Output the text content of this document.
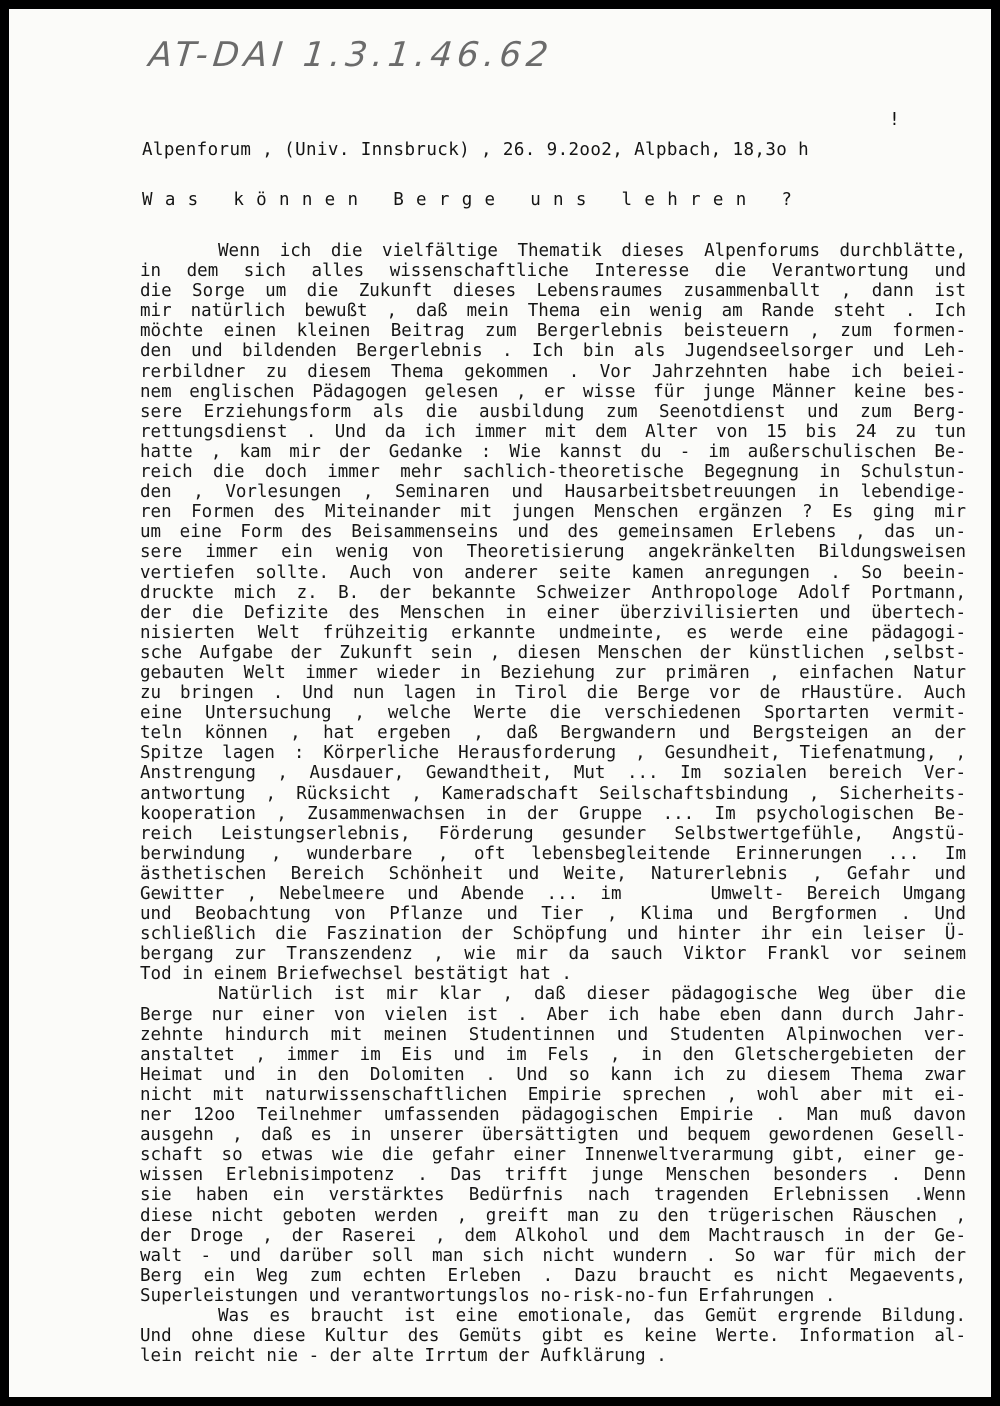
AT-DAI 1.3.1.46.62
!
Alpenforum , (Univ. Innsbruck) , 26. 9.2oo2, Alpbach, 18,3o h
Was können Berge uns lehren ?
Wenn ich die vielfältige Thematik dieses Alpenforums durchblätte,
in dem sich alles wissenschaftliche Interesse die Verantwortung und
die Sorge um die Zukunft dieses Lebensraumes zusammenballt , dann ist
mir natürlich bewußt , daß mein Thema ein wenig am Rande steht . Ich
möchte einen kleinen Beitrag zum Bergerlebnis beisteuern , zum formen-
den und bildenden Bergerlebnis . Ich bin als Jugendseelsorger und Leh-
rerbildner zu diesem Thema gekommen . Vor Jahrzehnten habe ich beiei-
nem englischen Pädagogen gelesen , er wisse für junge Männer keine bes-
sere Erziehungsform als die ausbildung zum Seenotdienst und zum Berg-
rettungsdienst . Und da ich immer mit dem Alter von 15 bis 24 zu tun
hatte , kam mir der Gedanke : Wie kannst du - im außerschulischen Be-
reich die doch immer mehr sachlich-theoretische Begegnung in Schulstun-
den , Vorlesungen , Seminaren und Hausarbeitsbetreuungen in lebendige-
ren Formen des Miteinander mit jungen Menschen ergänzen ? Es ging mir
um eine Form des Beisammenseins und des gemeinsamen Erlebens , das un-
sere immer ein wenig von Theoretisierung angekränkelten Bildungsweisen
vertiefen sollte. Auch von anderer seite kamen anregungen . So beein-
druckte mich z. B. der bekannte Schweizer Anthropologe Adolf Portmann,
der die Defizite des Menschen in einer überzivilisierten und übertech-
nisierten Welt frühzeitig erkannte undmeinte, es werde eine pädagogi-
sche Aufgabe der Zukunft sein , diesen Menschen der künstlichen ,selbst-
gebauten Welt immer wieder in Beziehung zur primären , einfachen Natur
zu bringen . Und nun lagen in Tirol die Berge vor de rHaustüre. Auch
eine Untersuchung , welche Werte die verschiedenen Sportarten vermit-
teln können , hat ergeben , daß Bergwandern und Bergsteigen an der
Spitze lagen : Körperliche Herausforderung , Gesundheit, Tiefenatmung, ,
Anstrengung , Ausdauer, Gewandtheit, Mut ... Im sozialen bereich Ver-
antwortung , Rücksicht , Kameradschaft Seilschaftsbindung , Sicherheits-
kooperation , Zusammenwachsen in der Gruppe ... Im psychologischen Be-
reich Leistungserlebnis, Förderung gesunder Selbstwertgefühle, Angstü-
berwindung , wunderbare , oft lebensbegleitende Erinnerungen ... Im
ästhetischen Bereich Schönheit und Weite, Naturerlebnis , Gefahr und
Gewitter , Nebelmeere und Abende ... im    Umwelt- Bereich Umgang
und Beobachtung von Pflanze und Tier , Klima und Bergformen . Und
schließlich die Faszination der Schöpfung und hinter ihr ein leiser Ü-
bergang zur Transzendenz , wie mir da sauch Viktor Frankl vor seinem
Tod in einem Briefwechsel bestätigt hat .
Natürlich ist mir klar , daß dieser pädagogische Weg über die
Berge nur einer von vielen ist . Aber ich habe eben dann durch Jahr-
zehnte hindurch mit meinen Studentinnen und Studenten Alpinwochen ver-
anstaltet , immer im Eis und im Fels , in den Gletschergebieten der
Heimat und in den Dolomiten . Und so kann ich zu diesem Thema zwar
nicht mit naturwissenschaftlichen Empirie sprechen , wohl aber mit ei-
ner 12oo Teilnehmer umfassenden pädagogischen Empirie . Man muß davon
ausgehn , daß es in unserer übersättigten und bequem gewordenen Gesell-
schaft so etwas wie die gefahr einer Innenweltverarmung gibt, einer ge-
wissen Erlebnisimpotenz . Das trifft junge Menschen besonders . Denn
sie haben ein verstärktes Bedürfnis nach tragenden Erlebnissen .Wenn
diese nicht geboten werden , greift man zu den trügerischen Räuschen ,
der Droge , der Raserei , dem Alkohol und dem Machtrausch in der Ge-
walt - und darüber soll man sich nicht wundern . So war für mich der
Berg ein Weg zum echten Erleben . Dazu braucht es nicht Megaevents,
Superleistungen und verantwortungslos no-risk-no-fun Erfahrungen .
Was es braucht ist eine emotionale, das Gemüt ergrende Bildung.
Und ohne diese Kultur des Gemüts gibt es keine Werte. Information al-
lein reicht nie - der alte Irrtum der Aufklärung .
